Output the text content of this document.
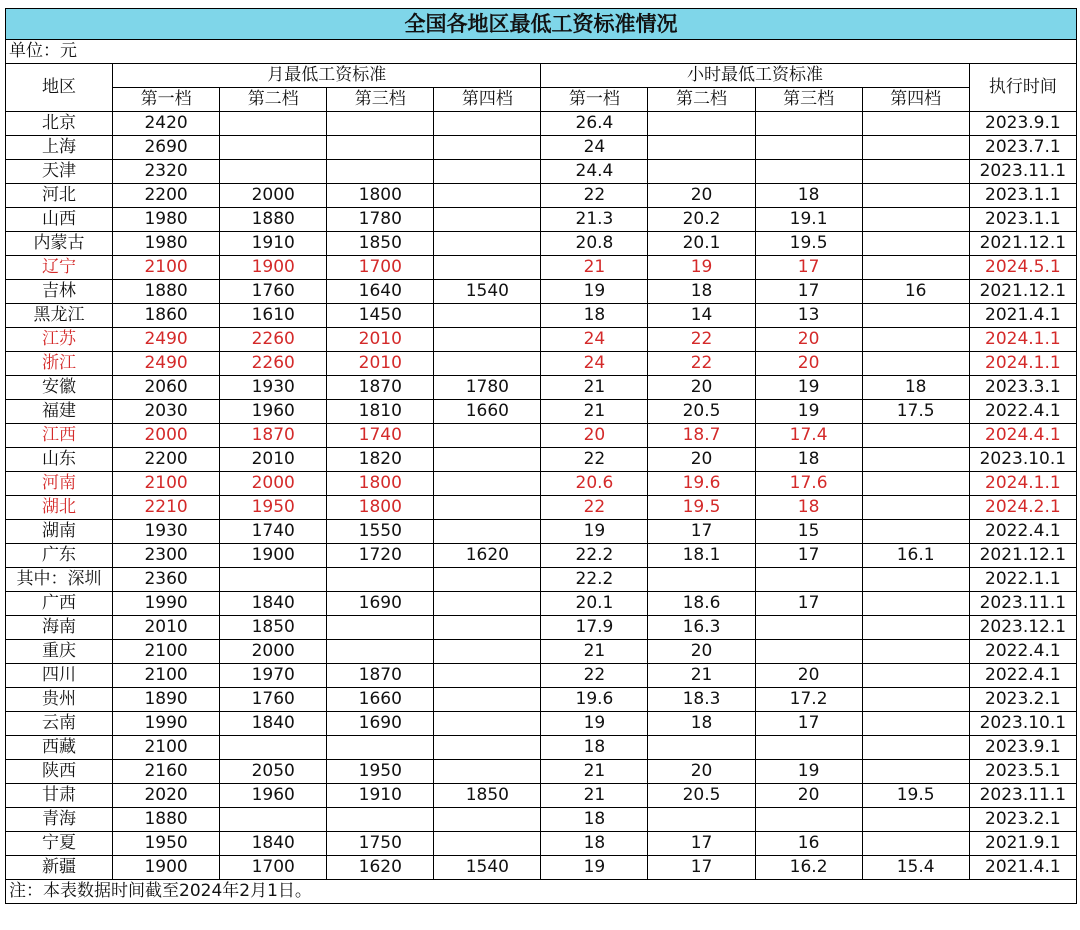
全国各地区最低工资标准情况									
单位：元									
地区	月最低工资标准				小时最低工资标准				执行时间
	第一档	第二档	第三档	第四档	第一档	第二档	第三档	第四档	
北京	2420				26.4				2023.9.1
上海	2690				24				2023.7.1
天津	2320				24.4				2023.11.1
河北	2200	2000	1800		22	20	18		2023.1.1
山西	1980	1880	1780		21.3	20.2	19.1		2023.1.1
内蒙古	1980	1910	1850		20.8	20.1	19.5		2021.12.1
辽宁	2100	1900	1700		21	19	17		2024.5.1
吉林	1880	1760	1640	1540	19	18	17	16	2021.12.1
黑龙江	1860	1610	1450		18	14	13		2021.4.1
江苏	2490	2260	2010		24	22	20		2024.1.1
浙江	2490	2260	2010		24	22	20		2024.1.1
安徽	2060	1930	1870	1780	21	20	19	18	2023.3.1
福建	2030	1960	1810	1660	21	20.5	19	17.5	2022.4.1
江西	2000	1870	1740		20	18.7	17.4		2024.4.1
山东	2200	2010	1820		22	20	18		2023.10.1
河南	2100	2000	1800		20.6	19.6	17.6		2024.1.1
湖北	2210	1950	1800		22	19.5	18		2024.2.1
湖南	1930	1740	1550		19	17	15		2022.4.1
广东	2300	1900	1720	1620	22.2	18.1	17	16.1	2021.12.1
其中：深圳	2360				22.2				2022.1.1
广西	1990	1840	1690		20.1	18.6	17		2023.11.1
海南	2010	1850			17.9	16.3			2023.12.1
重庆	2100	2000			21	20			2022.4.1
四川	2100	1970	1870		22	21	20		2022.4.1
贵州	1890	1760	1660		19.6	18.3	17.2		2023.2.1
云南	1990	1840	1690		19	18	17		2023.10.1
西藏	2100				18				2023.9.1
陕西	2160	2050	1950		21	20	19		2023.5.1
甘肃	2020	1960	1910	1850	21	20.5	20	19.5	2023.11.1
青海	1880				18				2023.2.1
宁夏	1950	1840	1750		18	17	16		2021.9.1
新疆	1900	1700	1620	1540	19	17	16.2	15.4	2021.4.1
注：本表数据时间截至2024年2月1日。									
